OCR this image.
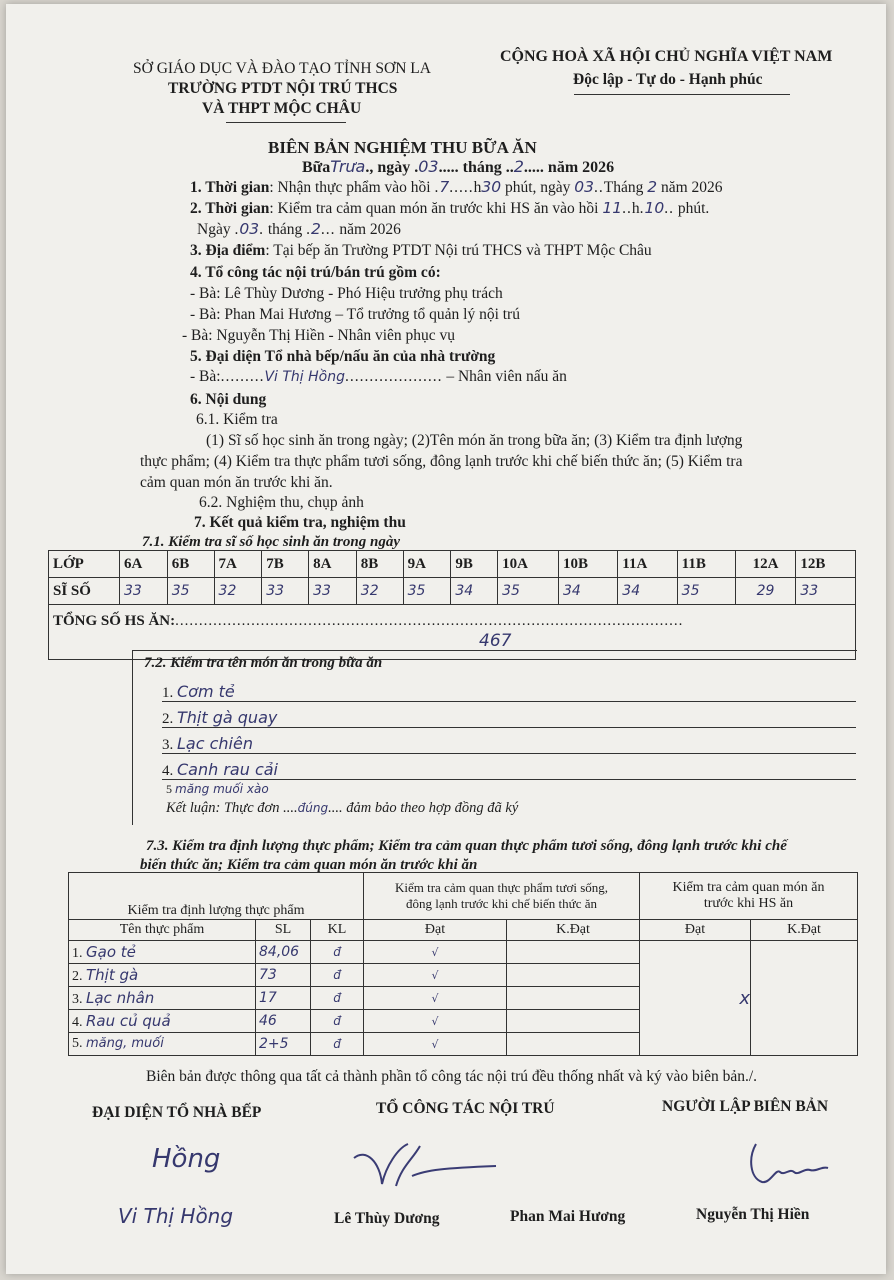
SỞ GIÁO DỤC VÀ ĐÀO TẠO TỈNH SƠN LA
TRƯỜNG PTDT NỘI TRÚ THCS
VÀ THPT MỘC CHÂU
CỘNG HOÀ XÃ HỘI CHỦ NGHĨA VIỆT NAM
Độc lập - Tự do - Hạnh phúc
BIÊN BẢN NGHIỆM THU BỮA ĂN
BữaTrưa., ngày .03..... tháng ..2..... năm 2026
1. Thời gian: Nhận thực phẩm vào hồi .7.....h30 phút, ngày 03..Tháng 2 năm 2026
2. Thời gian: Kiểm tra cảm quan món ăn trước khi HS ăn vào hồi 11..h.10.. phút.
Ngày .03. tháng .2... năm 2026
3. Địa điểm: Tại bếp ăn Trường PTDT Nội trú THCS và THPT Mộc Châu
4. Tổ công tác nội trú/bán trú gồm có:
- Bà: Lê Thùy Dương - Phó Hiệu trưởng phụ trách
- Bà: Phan Mai Hương – Tổ trưởng tổ quản lý nội trú
- Bà: Nguyễn Thị Hiền - Nhân viên phục vụ
5. Đại diện Tổ nhà bếp/nấu ăn của nhà trường
- Bà:.........Vi Thị Hồng.................... – Nhân viên nấu ăn
6. Nội dung
6.1. Kiểm tra
(1) Sĩ số học sinh ăn trong ngày; (2)Tên món ăn trong bữa ăn; (3) Kiểm tra định lượng
thực phẩm; (4) Kiểm tra thực phẩm tươi sống, đông lạnh trước khi chế biến thức ăn; (5) Kiểm tra
cảm quan món ăn trước khi ăn.
6.2. Nghiệm thu, chụp ảnh
7. Kết quả kiểm tra, nghiệm thu
7.1. Kiểm tra sĩ số học sinh ăn trong ngày
LỚP	6A	6B	7A	7B	8A	8B	9A	9B	10A	10B	11A	11B	12A	12B
SĨ SỐ	33	35	32	33	33	32	35	34	35	34	34	35	29	33
TỔNG SỐ HS ĂN:...........................................................................................................
467														
7.2. Kiểm tra tên món ăn trong bữa ăn
1. Cơm tẻ
2. Thịt gà quay
3. Lạc chiên
4. Canh rau cải
5 măng muối xào
Kết luận: Thực đơn ....đúng.... đảm bảo theo hợp đồng đã ký
7.3. Kiểm tra định lượng thực phẩm; Kiểm tra cảm quan thực phẩm tươi sống, đông lạnh trước khi chế
biến thức ăn; Kiểm tra cảm quan món ăn trước khi ăn
Kiểm tra định lượng thực phẩm			Kiểm tra cảm quan thực phẩm tươi sống, đông lạnh trước khi chế biến thức ăn		Kiểm tra cảm quan món ăn trước khi HS ăn	
Tên thực phẩm	SL	KL	Đạt	K.Đạt	Đạt	K.Đạt
1. Gạo tẻ	84,06	đ	√		x	
2. Thịt gà	73	đ	√			
3. Lạc nhân	17	đ	√			
4. Rau củ quả	46	đ	√			
5. măng, muối	2+5	đ	√			
Biên bản được thông qua tất cả thành phần tổ công tác nội trú đều thống nhất và ký vào biên bản./.
ĐẠI DIỆN TỔ NHÀ BẾP	TỔ CÔNG TÁC NỘI TRÚ	NGƯỜI LẬP BIÊN BẢN
Hồng
Vi Thị Hồng	Lê Thùy Dương	Phan Mai Hương	Nguyễn Thị Hiền
